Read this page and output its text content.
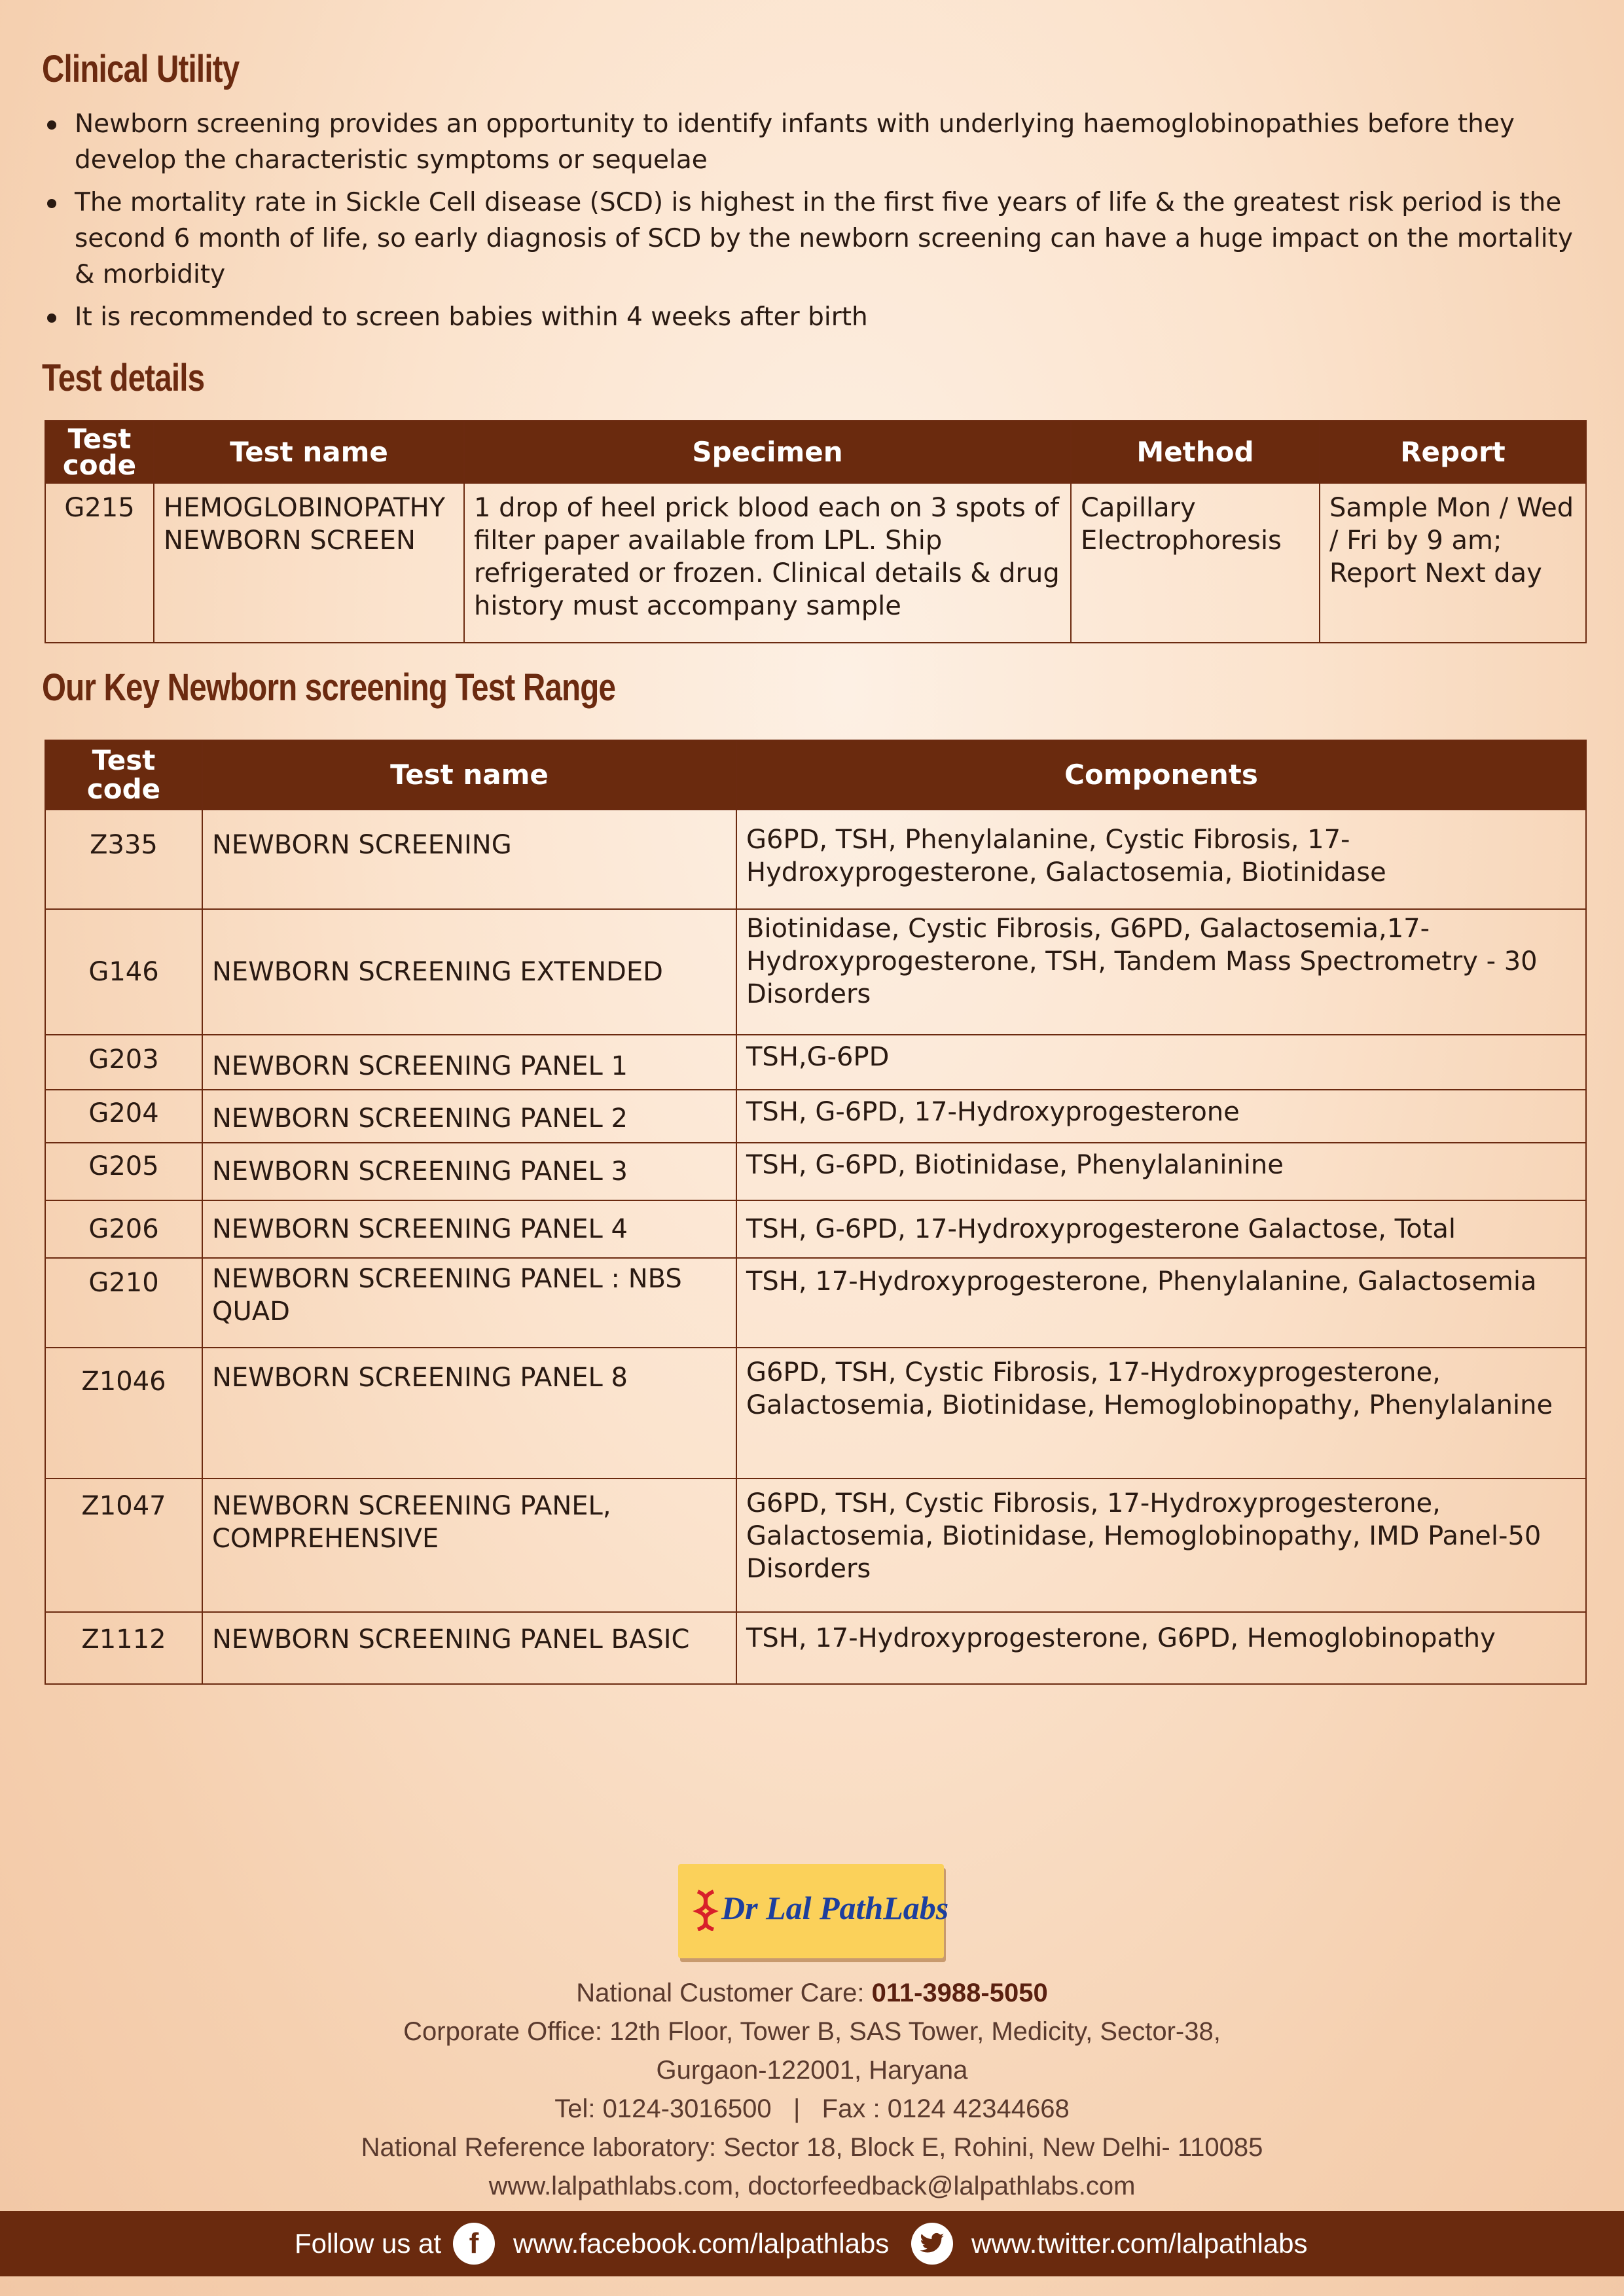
Clinical Utility
Newborn screening provides an opportunity to identify infants with underlying haemoglobinopathies before they develop the characteristic symptoms or sequelae
The mortality rate in Sickle Cell disease (SCD) is highest in the first five years of life & the greatest risk period is the second 6 month of life, so early diagnosis of SCD by the newborn screening can have a huge impact on the mortality & morbidity
It is recommended to screen babies within 4 weeks after birth
Test details
Test code	Test name	Specimen	Method	Report
G215	HEMOGLOBINOPATHY NEWBORN SCREEN	1 drop of heel prick blood each on 3 spots of filter paper available from LPL. Ship refrigerated or frozen. Clinical details & drug history must accompany sample	Capillary Electrophoresis	Sample Mon / Wed / Fri by 9 am; Report Next day
Our Key Newborn screening Test Range
Test code	Test name	Components
Z335	NEWBORN SCREENING	G6PD, TSH, Phenylalanine, Cystic Fibrosis, 17-Hydroxyprogesterone, Galactosemia, Biotinidase
G146	NEWBORN SCREENING EXTENDED	Biotinidase, Cystic Fibrosis, G6PD, Galactosemia,17-Hydroxyprogesterone, TSH, Tandem Mass Spectrometry - 30 Disorders
G203	NEWBORN SCREENING PANEL 1	TSH,G-6PD
G204	NEWBORN SCREENING PANEL 2	TSH, G-6PD, 17-Hydroxyprogesterone
G205	NEWBORN SCREENING PANEL 3	TSH, G-6PD, Biotinidase, Phenylalaninine
G206	NEWBORN SCREENING PANEL 4	TSH, G-6PD, 17-Hydroxyprogesterone Galactose, Total
G210	NEWBORN SCREENING PANEL : NBS QUAD	TSH, 17-Hydroxyprogesterone, Phenylalanine, Galactosemia
Z1046	NEWBORN SCREENING PANEL 8	G6PD, TSH, Cystic Fibrosis, 17-Hydroxyprogesterone, Galactosemia, Biotinidase, Hemoglobinopathy, Phenylalanine
Z1047	NEWBORN SCREENING PANEL, COMPREHENSIVE	G6PD, TSH, Cystic Fibrosis, 17-Hydroxyprogesterone, Galactosemia, Biotinidase, Hemoglobinopathy, IMD Panel-50 Disorders
Z1112	NEWBORN SCREENING PANEL BASIC	TSH, 17-Hydroxyprogesterone, G6PD, Hemoglobinopathy
Dr Lal PathLabs
National Customer Care: 011-3988-5050
Corporate Office: 12th Floor, Tower B, SAS Tower, Medicity, Sector-38,
Gurgaon-122001, Haryana
Tel: 0124-3016500   |   Fax : 0124 42344668
National Reference laboratory: Sector 18, Block E, Rohini, New Delhi- 110085
www.lalpathlabs.com, doctorfeedback@lalpathlabs.com
Follow us at f	www.facebook.com/lalpathlabs	www.twitter.com/lalpathlabs
